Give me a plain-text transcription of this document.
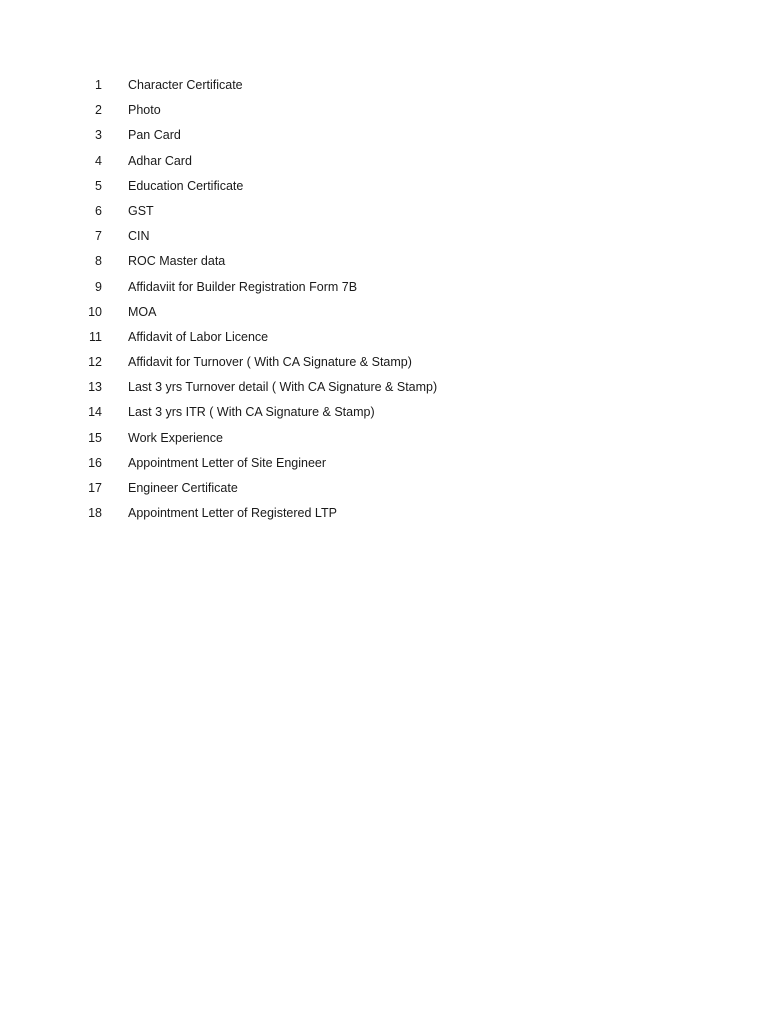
1 Character Certificate
2 Photo
3 Pan Card
4 Adhar Card
5 Education Certificate
6 GST
7 CIN
8 ROC Master data
9 Affidaviit for Builder Registration Form 7B
10 MOA
11 Affidavit of Labor Licence
12 Affidavit for Turnover ( With CA Signature & Stamp)
13 Last 3 yrs Turnover detail ( With CA Signature & Stamp)
14 Last 3 yrs ITR ( With CA Signature & Stamp)
15 Work Experience
16 Appointment Letter of Site Engineer
17 Engineer Certificate
18 Appointment Letter of Registered LTP
